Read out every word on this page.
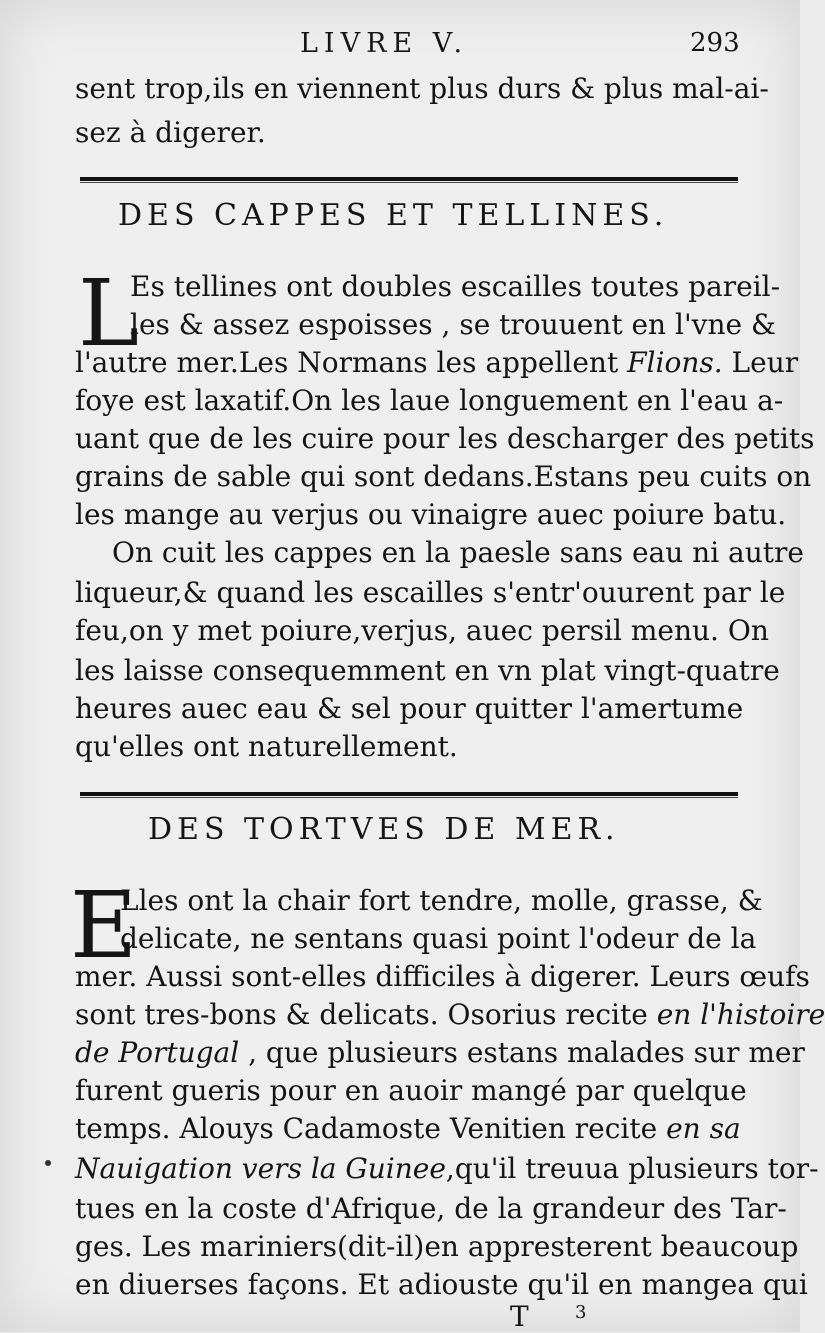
LIVRE V.	293
sent trop,ils en viennent plus durs & plus mal-ai-
sez à digerer.
DES CAPPES ET TELLINES.
L
Es tellines ont doubles escailles toutes pareil-
les & assez espoisses , se trouuent en l'vne &
l'autre mer.Les Normans les appellent Flions. Leur
foye est laxatif.On les laue longuement en l'eau a-
uant que de les cuire pour les descharger des petits
grains de sable qui sont dedans.Estans peu cuits on
les mange au verjus ou vinaigre auec poiure batu.
On cuit les cappes en la paesle sans eau ni autre
liqueur,& quand les escailles s'entr'ouurent par le
feu,on y met poiure,verjus, auec persil menu. On
les laisse consequemment en vn plat vingt-quatre
heures auec eau & sel pour quitter l'amertume
qu'elles ont naturellement.
DES TORTVES DE MER.
E
Lles ont la chair fort tendre, molle, grasse, &
delicate, ne sentans quasi point l'odeur de la
mer. Aussi sont-elles difficiles à digerer. Leurs œufs
sont tres-bons & delicats. Osorius recite en l'histoire
de Portugal , que plusieurs estans malades sur mer
furent gueris pour en auoir mangé par quelque
temps. Alouys Cadamoste Venitien recite en sa
Nauigation vers la Guinee,qu'il treuua plusieurs tor-
tues en la coste d'Afrique, de la grandeur des Tar-
ges. Les mariniers(dit-il)en appresterent beaucoup
en diuerses façons. Et adiouste qu'il en mangea qui
T	3
